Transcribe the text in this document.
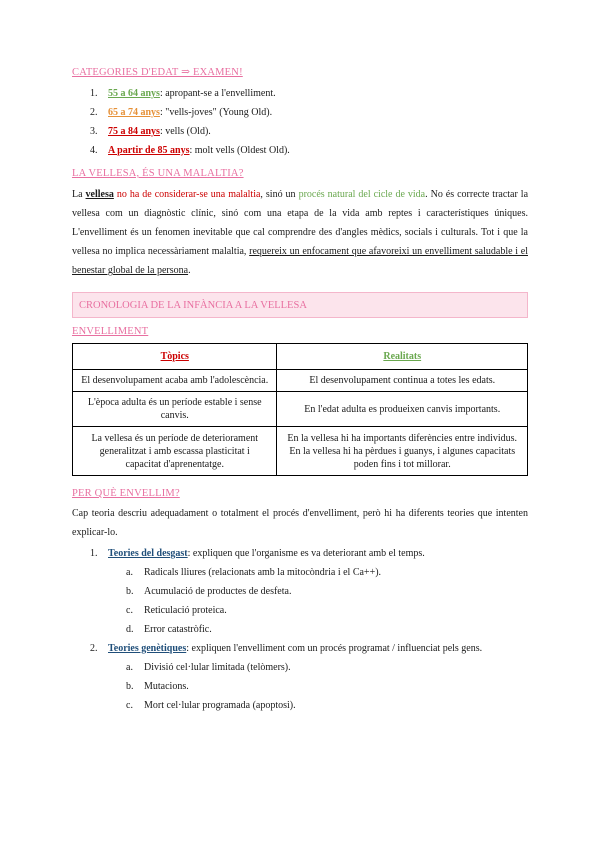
CATEGORIES D'EDAT ⇒ EXAMEN!
1. 55 a 64 anys: apropant-se a l'envelliment.
2. 65 a 74 anys: "vells-joves" (Young Old).
3. 75 a 84 anys: vells (Old).
4. A partir de 85 anys: molt vells (Oldest Old).
LA VELLESA, ÉS UNA MALALTIA?

La vellesa no ha de considerar-se una malaltia, sinó un procés natural del cicle de vida. No és correcte tractar la vellesa com un diagnòstic clínic, sinó com una etapa de la vida amb reptes i característiques úniques. L'envelliment és un fenomen inevitable que cal comprendre des d'angles mèdics, socials i culturals. Tot i que la vellesa no implica necessàriament malaltia, requereix un enfocament que afavoreixi un envelliment saludable i el benestar global de la persona.

CRONOLOGIA DE LA INFÀNCIA A LA VELLESA
ENVELLIMENT
Tòpics	Realitats
El desenvolupament acaba amb l'adolescència.	El desenvolupament continua a totes les edats.
L'època adulta és un període estable i sense canvis.	En l'edat adulta es produeixen canvis importants.
La vellesa és un període de deteriorament generalitzat i amb escassa plasticitat i capacitat d'aprenentatge.	En la vellesa hi ha importants diferències entre individus. En la vellesa hi ha pèrdues i guanys, i algunes capacitats poden fins i tot millorar.
PER QUÈ ENVELLIM?

Cap teoria descriu adequadament o totalment el procés d'envelliment, però hi ha diferents teories que intenten explicar-lo.

1. Teories del desgast: expliquen que l'organisme es va deteriorant amb el temps.
a. Radicals lliures (relacionats amb la mitocòndria i el Ca++).
b. Acumulació de productes de desfeta.
c. Reticulació proteica.
d. Error catastròfic.
2. Teories genètiques: expliquen l'envelliment com un procés programat / influenciat pels gens.
a. Divisió cel·lular limitada (telòmers).
b. Mutacions.
c. Mort cel·lular programada (apoptosi).
